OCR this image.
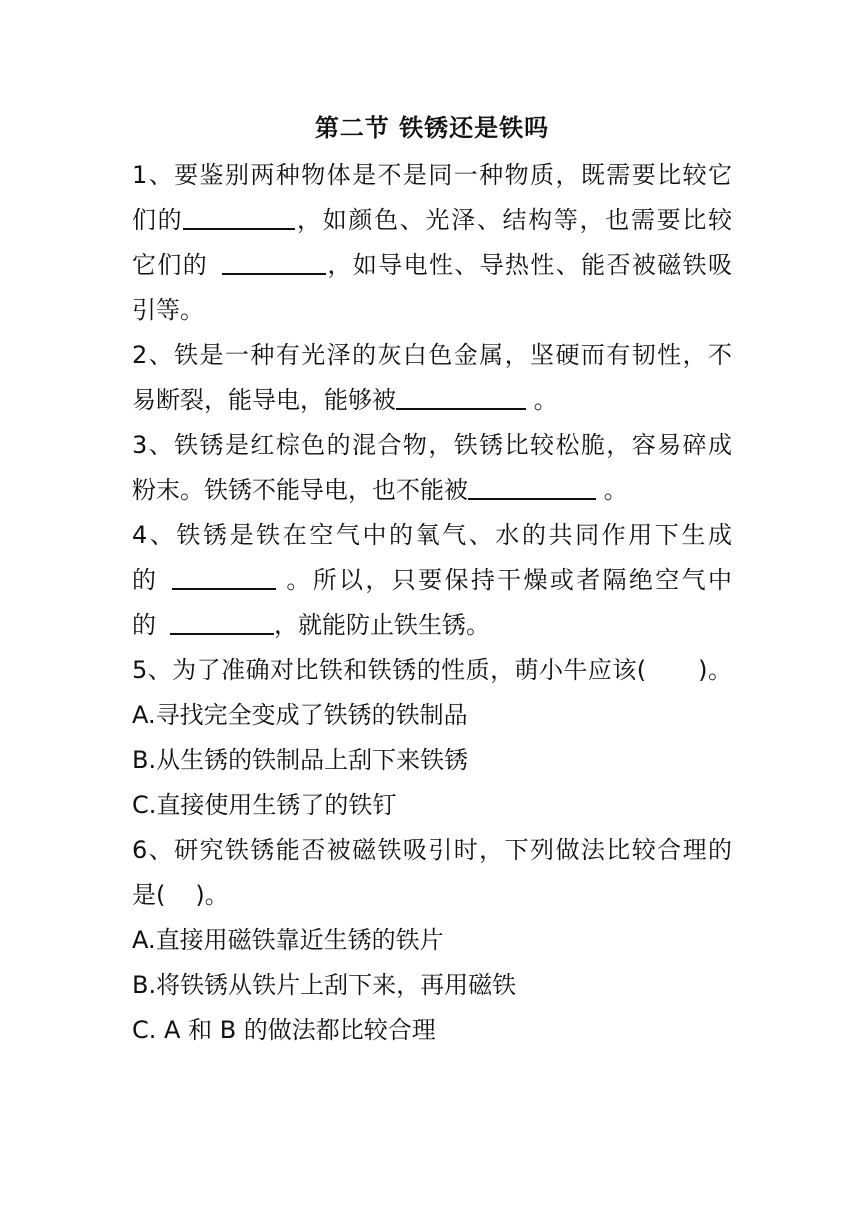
第二节 铁锈还是铁吗
1、要鉴别两种物体是不是同一种物质，既需要比较它
们的	，如颜色、光泽、结构等，也需要比较
它们的	，如导电性、导热性、能否被磁铁吸
引等。
2、铁是一种有光泽的灰白色金属，坚硬而有韧性，不
易断裂，能导电，能够被	。
3、铁锈是红棕色的混合物，铁锈比较松脆，容易碎成
粉末。铁锈不能导电，也不能被	。
4、铁锈是铁在空气中的氧气、水的共同作用下生成
的	。所以，只要保持干燥或者隔绝空气中
的	，就能防止铁生锈。
5、为了准确对比铁和铁锈的性质，萌小牛应该( )。
A.寻找完全变成了铁锈的铁制品
B.从生锈的铁制品上刮下来铁锈
C.直接使用生锈了的铁钉
6、研究铁锈能否被磁铁吸引时，下列做法比较合理的
是( )。
A.直接用磁铁靠近生锈的铁片
B.将铁锈从铁片上刮下来，再用磁铁
C. A 和 B 的做法都比较合理
